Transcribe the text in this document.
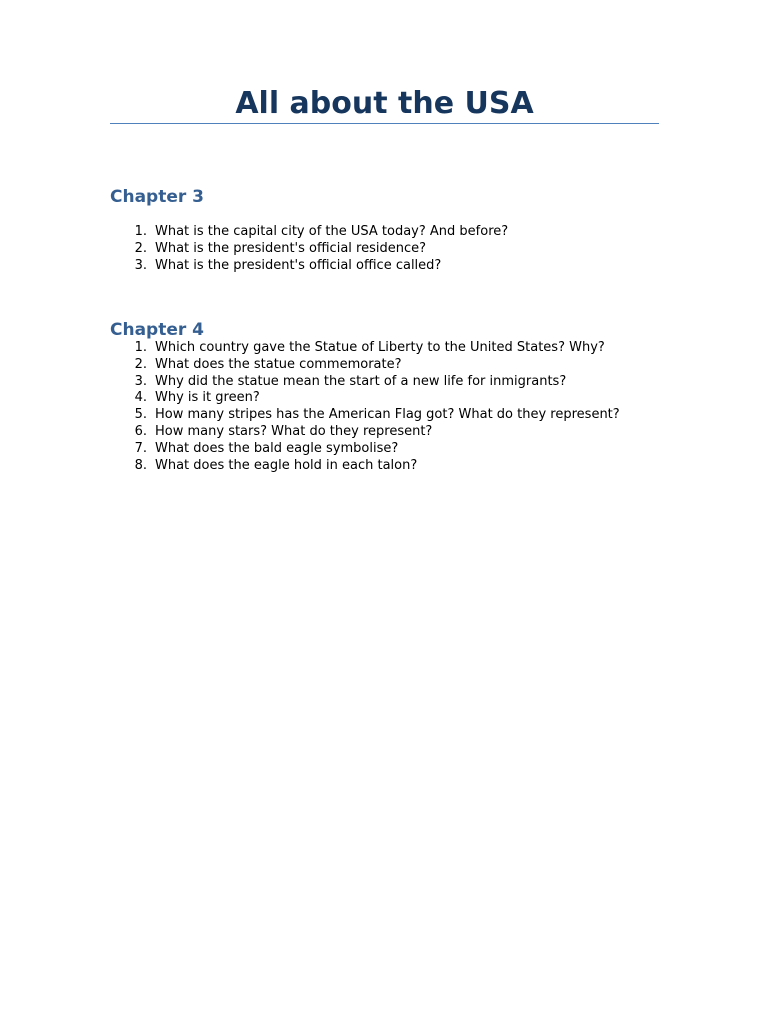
All about the USA
Chapter 3
1. What is the capital city of the USA today? And before?
2. What is the president's official residence?
3. What is the president's official office called?
Chapter 4
1. Which country gave the Statue of Liberty to the United States? Why?
2. What does the statue commemorate?
3. Why did the statue mean the start of a new life for inmigrants?
4. Why is it green?
5. How many stripes has the American Flag got? What do they represent?
6. How many stars? What do they represent?
7. What does the bald eagle symbolise?
8. What does the eagle hold in each talon?
